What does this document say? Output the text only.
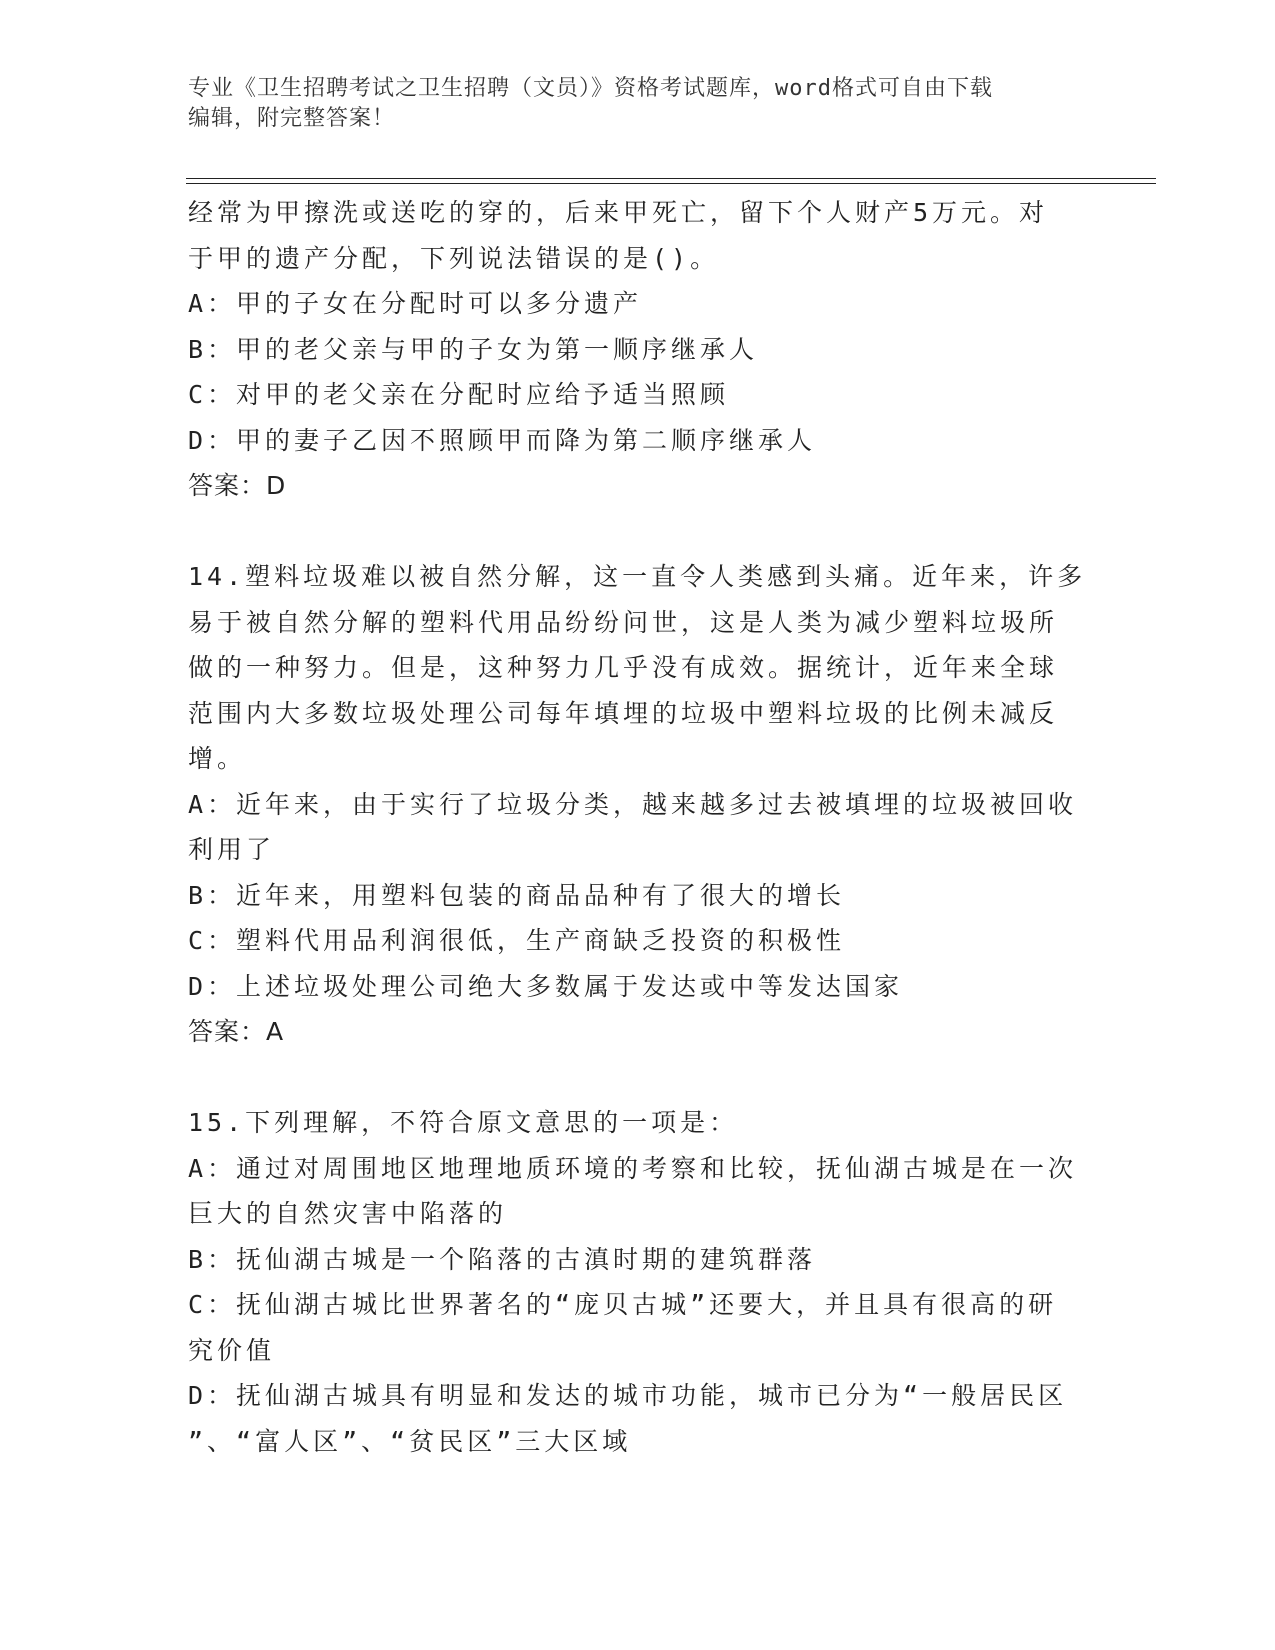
专业《卫生招聘考试之卫生招聘（文员）》资格考试题库，word格式可自由下载
编辑，附完整答案！
经常为甲擦洗或送吃的穿的，后来甲死亡，留下个人财产5万元。对
于甲的遗产分配，下列说法错误的是()。
A：甲的子女在分配时可以多分遗产
B：甲的老父亲与甲的子女为第一顺序继承人
C：对甲的老父亲在分配时应给予适当照顾
D：甲的妻子乙因不照顾甲而降为第二顺序继承人
答案：D
14.塑料垃圾难以被自然分解，这一直令人类感到头痛。近年来，许多
易于被自然分解的塑料代用品纷纷问世，这是人类为减少塑料垃圾所
做的一种努力。但是，这种努力几乎没有成效。据统计，近年来全球
范围内大多数垃圾处理公司每年填埋的垃圾中塑料垃圾的比例未减反
增。
A：近年来，由于实行了垃圾分类，越来越多过去被填埋的垃圾被回收
利用了
B：近年来，用塑料包装的商品品种有了很大的增长
C：塑料代用品利润很低，生产商缺乏投资的积极性
D：上述垃圾处理公司绝大多数属于发达或中等发达国家
答案：A
15.下列理解，不符合原文意思的一项是：
A：通过对周围地区地理地质环境的考察和比较，抚仙湖古城是在一次
巨大的自然灾害中陷落的
B：抚仙湖古城是一个陷落的古滇时期的建筑群落
C：抚仙湖古城比世界著名的“庞贝古城”还要大，并且具有很高的研
究价值
D：抚仙湖古城具有明显和发达的城市功能，城市已分为“一般居民区
”、“富人区”、“贫民区”三大区域
